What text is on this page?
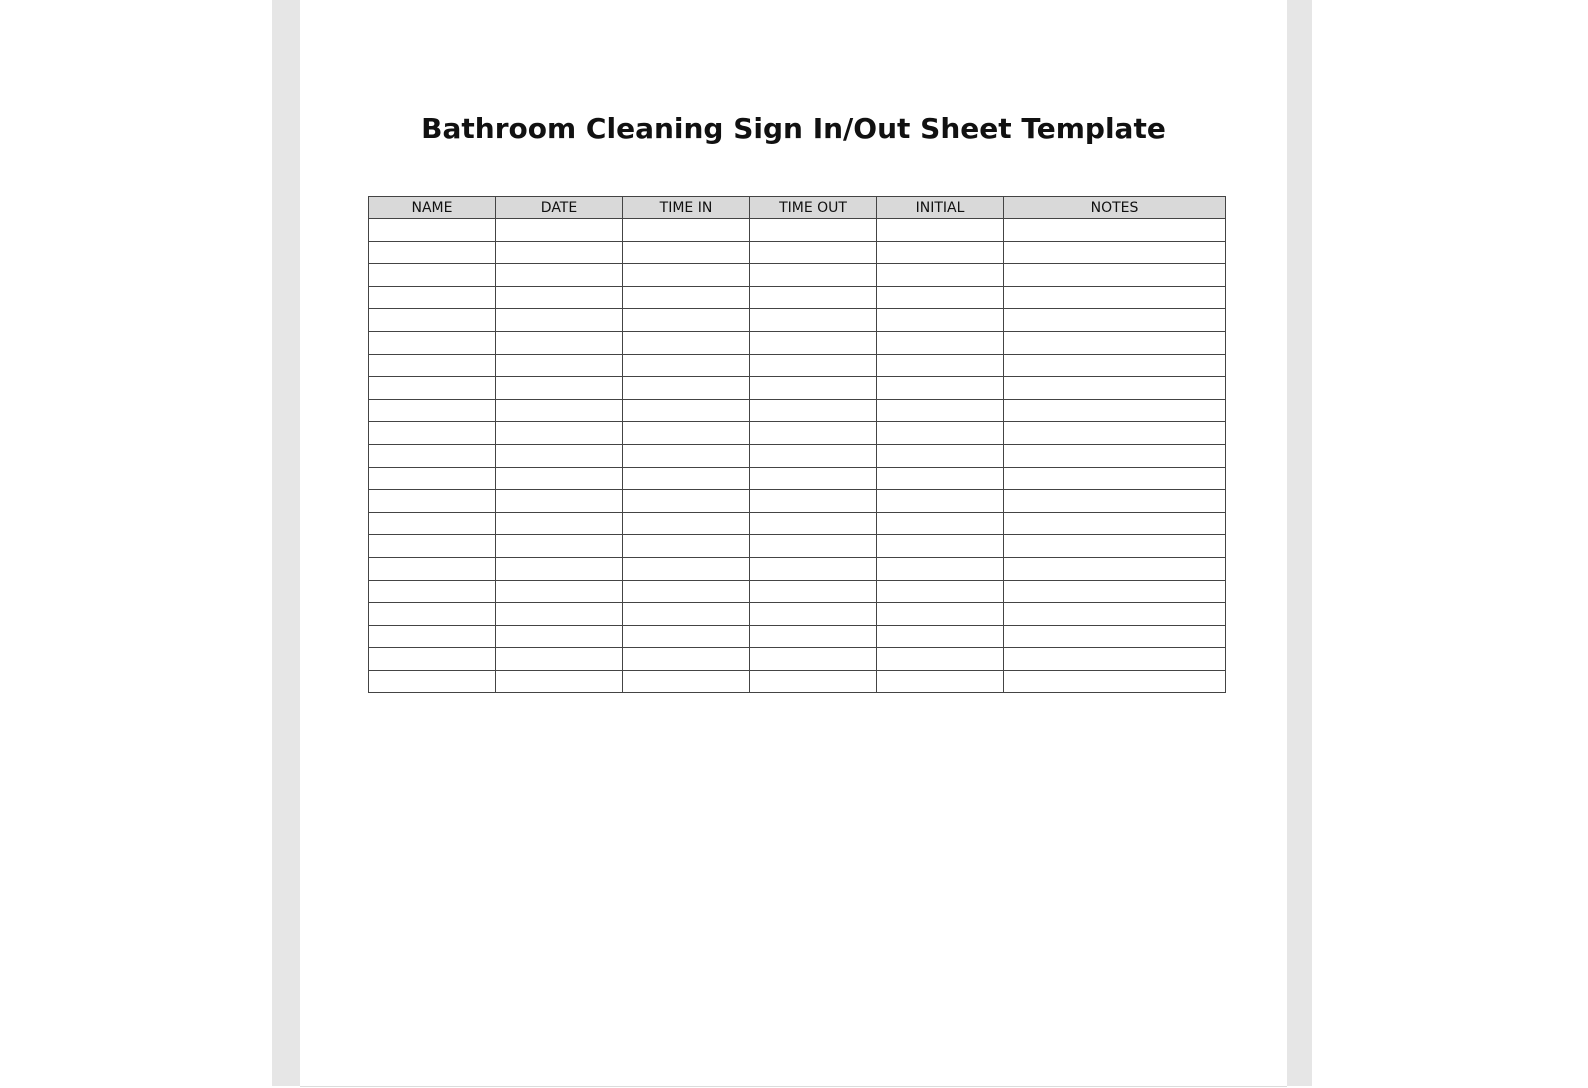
Bathroom Cleaning Sign In/Out Sheet Template
NAME	DATE	TIME IN	TIME OUT	INITIAL	NOTES
